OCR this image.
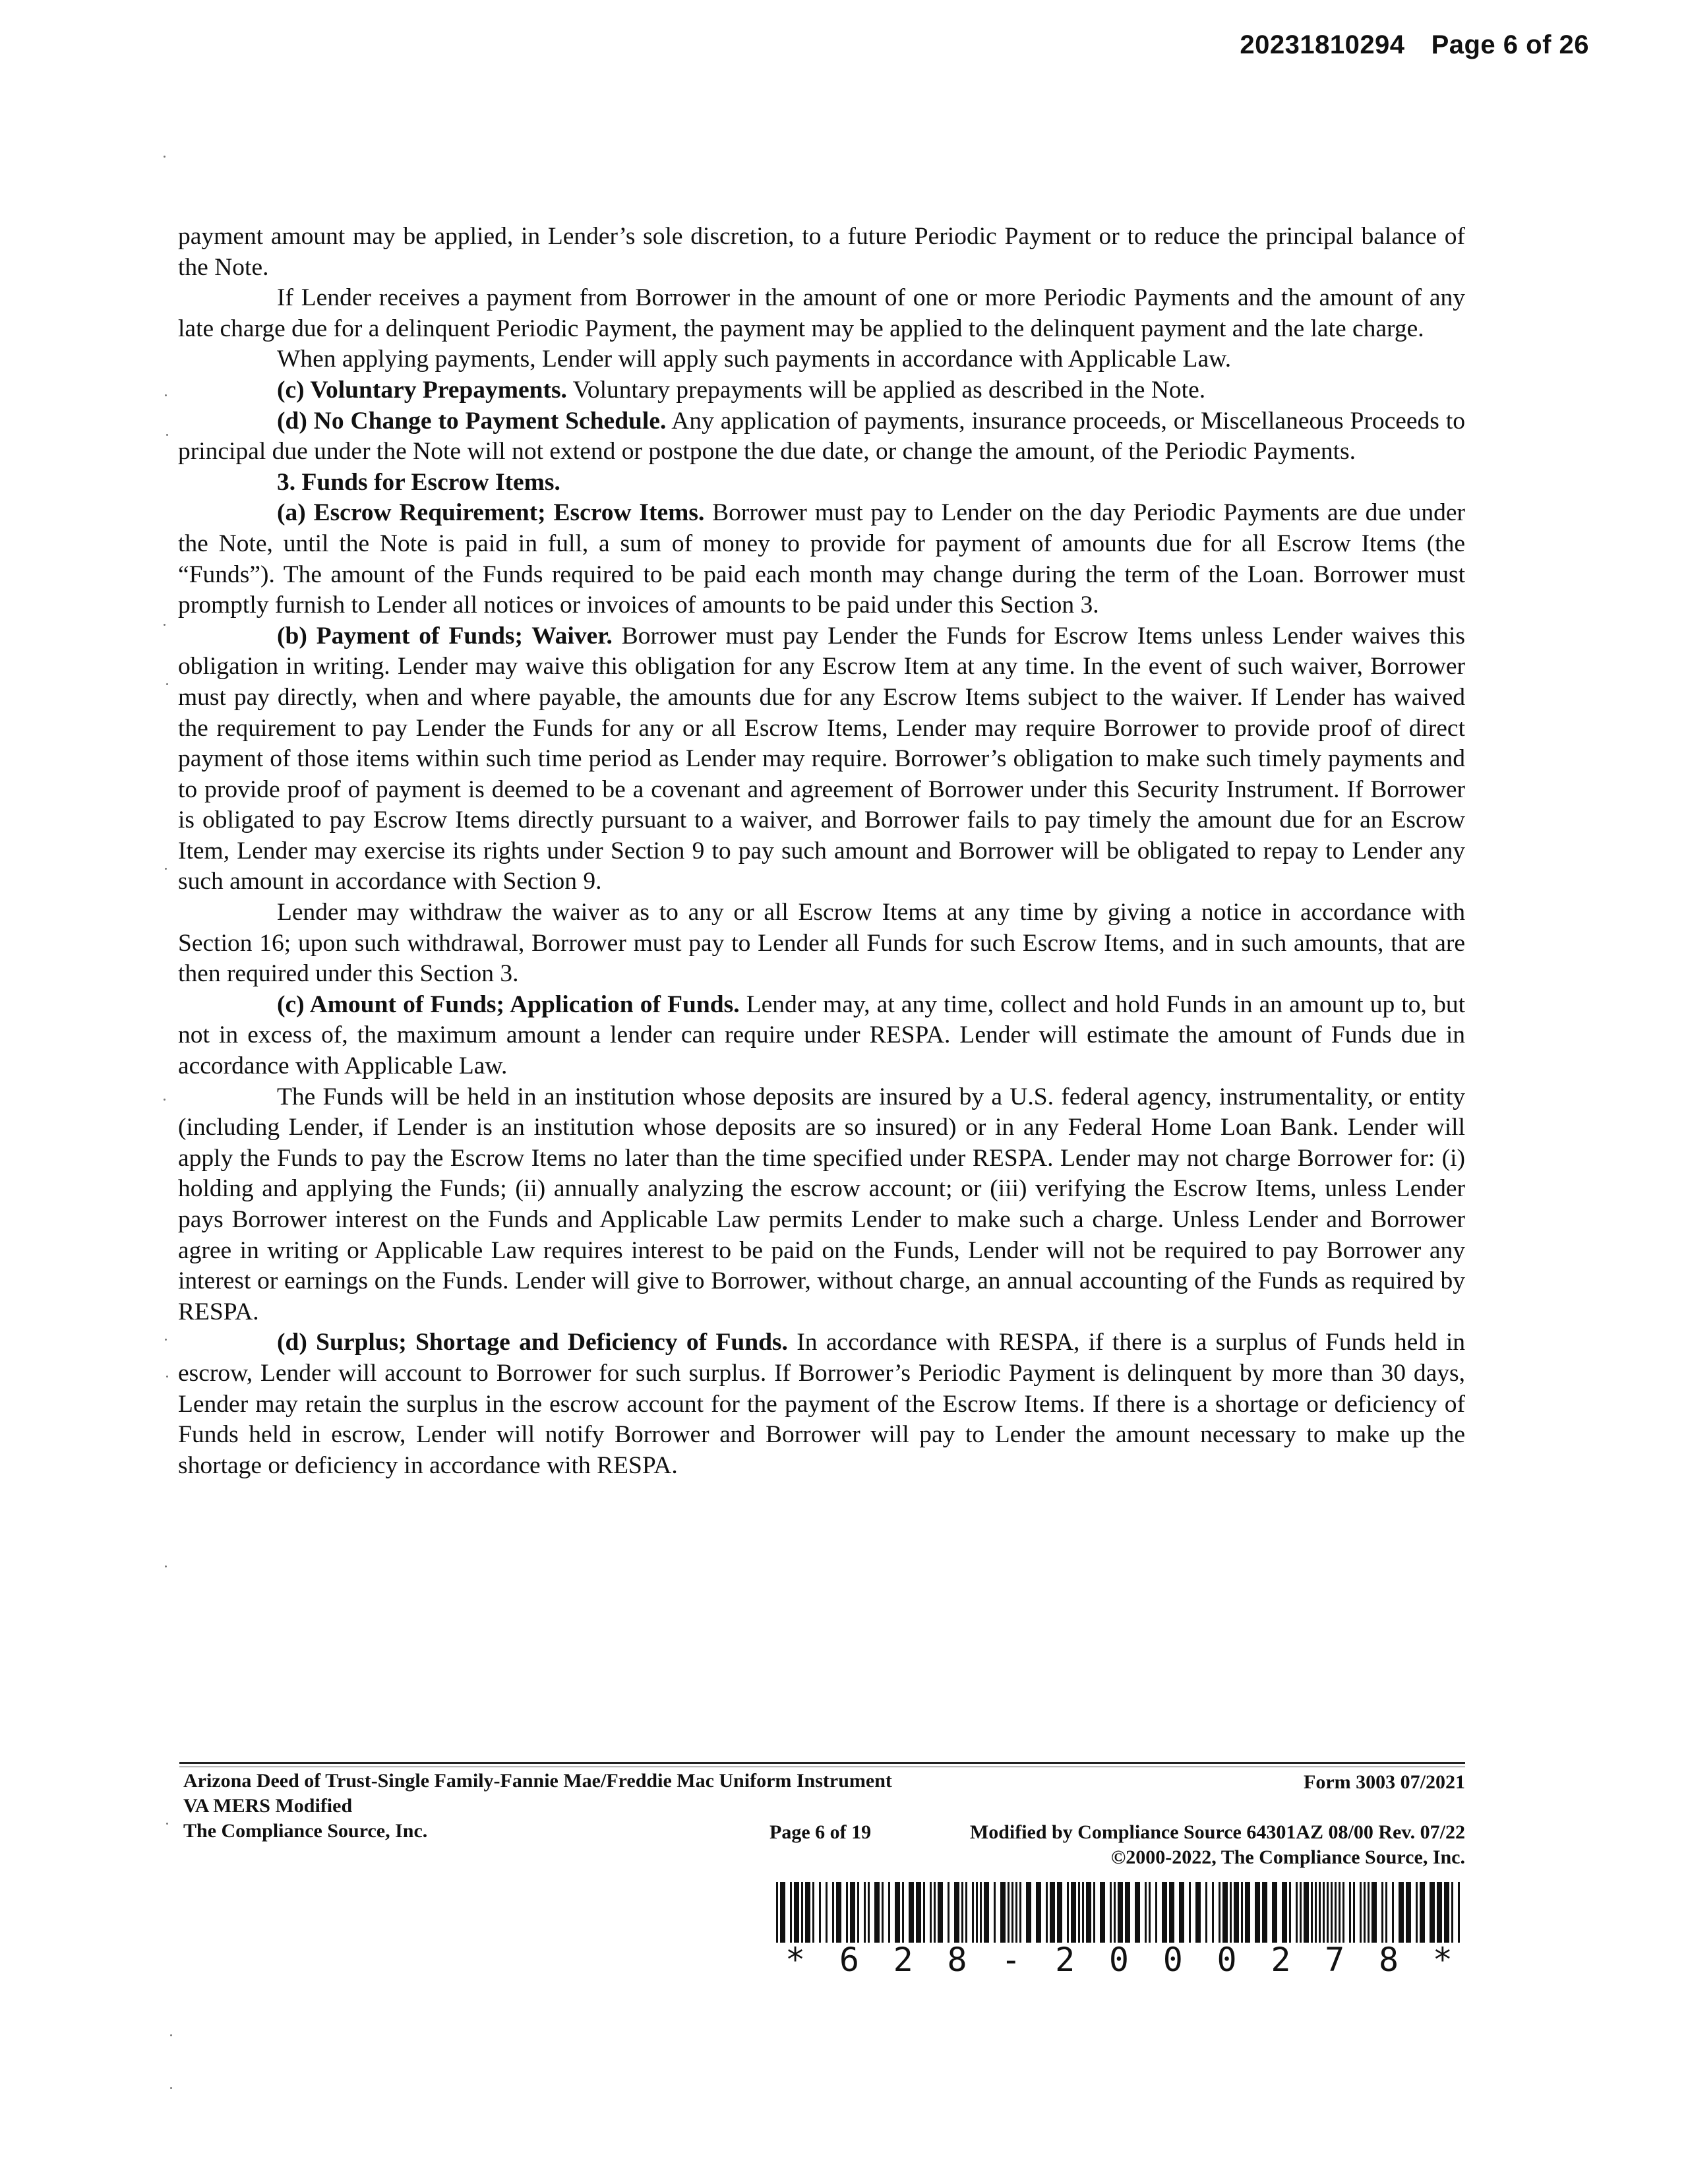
20231810294 Page 6 of 26

payment amount may be applied, in Lender’s sole discretion, to a future Periodic Payment or to reduce the principal balance of the Note.

If Lender receives a payment from Borrower in the amount of one or more Periodic Payments and the amount of any late charge due for a delinquent Periodic Payment, the payment may be applied to the delinquent payment and the late charge.

When applying payments, Lender will apply such payments in accordance with Applicable Law.

(c) Voluntary Prepayments. Voluntary prepayments will be applied as described in the Note.

(d) No Change to Payment Schedule. Any application of payments, insurance proceeds, or Miscellaneous Proceeds to principal due under the Note will not extend or postpone the due date, or change the amount, of the Periodic Payments.

3. Funds for Escrow Items.

(a) Escrow Requirement; Escrow Items. Borrower must pay to Lender on the day Periodic Payments are due under the Note, until the Note is paid in full, a sum of money to provide for payment of amounts due for all Escrow Items (the “Funds”). The amount of the Funds required to be paid each month may change during the term of the Loan. Borrower must promptly furnish to Lender all notices or invoices of amounts to be paid under this Section 3.

(b) Payment of Funds; Waiver. Borrower must pay Lender the Funds for Escrow Items unless Lender waives this obligation in writing. Lender may waive this obligation for any Escrow Item at any time. In the event of such waiver, Borrower must pay directly, when and where payable, the amounts due for any Escrow Items subject to the waiver. If Lender has waived the requirement to pay Lender the Funds for any or all Escrow Items, Lender may require Borrower to provide proof of direct payment of those items within such time period as Lender may require. Borrower’s obligation to make such timely payments and to provide proof of payment is deemed to be a covenant and agreement of Borrower under this Security Instrument. If Borrower is obligated to pay Escrow Items directly pursuant to a waiver, and Borrower fails to pay timely the amount due for an Escrow Item, Lender may exercise its rights under Section 9 to pay such amount and Borrower will be obligated to repay to Lender any such amount in accordance with Section 9.

Lender may withdraw the waiver as to any or all Escrow Items at any time by giving a notice in accordance with Section 16; upon such withdrawal, Borrower must pay to Lender all Funds for such Escrow Items, and in such amounts, that are then required under this Section 3.

(c) Amount of Funds; Application of Funds. Lender may, at any time, collect and hold Funds in an amount up to, but not in excess of, the maximum amount a lender can require under RESPA. Lender will estimate the amount of Funds due in accordance with Applicable Law.

The Funds will be held in an institution whose deposits are insured by a U.S. federal agency, instrumentality, or entity (including Lender, if Lender is an institution whose deposits are so insured) or in any Federal Home Loan Bank. Lender will apply the Funds to pay the Escrow Items no later than the time specified under RESPA. Lender may not charge Borrower for: (i) holding and applying the Funds; (ii) annually analyzing the escrow account; or (iii) verifying the Escrow Items, unless Lender pays Borrower interest on the Funds and Applicable Law permits Lender to make such a charge. Unless Lender and Borrower agree in writing or Applicable Law requires interest to be paid on the Funds, Lender will not be required to pay Borrower any interest or earnings on the Funds. Lender will give to Borrower, without charge, an annual accounting of the Funds as required by RESPA.

(d) Surplus; Shortage and Deficiency of Funds. In accordance with RESPA, if there is a surplus of Funds held in escrow, Lender will account to Borrower for such surplus. If Borrower’s Periodic Payment is delinquent by more than 30 days, Lender may retain the surplus in the escrow account for the payment of the Escrow Items. If there is a shortage or deficiency of Funds held in escrow, Lender will notify Borrower and Borrower will pay to Lender the amount necessary to make up the shortage or deficiency in accordance with RESPA.

Arizona Deed of Trust-Single Family-Fannie Mae/Freddie Mac Uniform Instrument
VA MERS Modified
The Compliance Source, Inc.
Form 3003 07/2021
Page 6 of 19	Modified by Compliance Source 64301AZ 08/00 Rev. 07/22
©2000-2022, The Compliance Source, Inc.
* 6 2 8 - 2 0 0 0 2 7 8 *
